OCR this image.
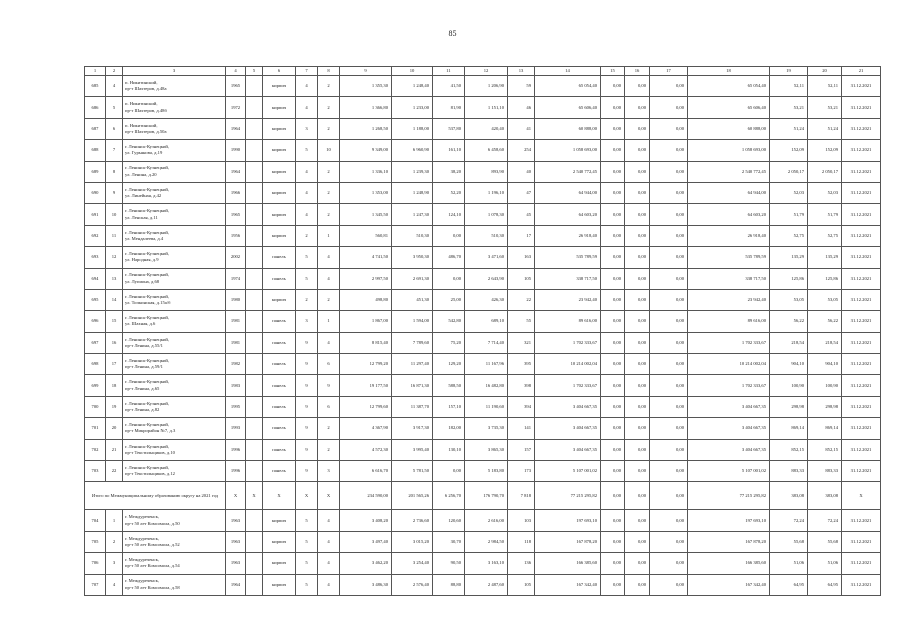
85
1	2	3	4	5	6	7	8	9	10	11	12	13	14	15	16	17	18	19	20	21
685	4	п. Никитинский,
пр-т Шахтеров, д.48а	1965		кирпич	4	2	1 355,30	1 248,40	41,50	1 206,90	59	65 054,40	0,00	0,00	0,00	65 054,40	52,11	52,11	31.12.2021
686	5	п. Никитинский,
пр-т Шахтеров, д.48б	1972		кирпич	4	2	1 366,80	1 233,00	81,90	1 151,10	46	65 606,40	0,00	0,00	0,00	65 606,40	53,21	53,21	31.12.2021
687	6	п. Никитинский,
пр-т Шахтеров, д.50а	1964		кирпич	3	2	1 268,50	1 188,00	537,80	420,40	41	60 888,00	0,00	0,00	0,00	60 888,00	51,24	51,24	31.12.2021
688	7	г. Ленинск-Кузнецкий,
ул. Гурьянова, д.19	1990		кирпич	5	10	9 349,00	6 960,90	161,10	6 458,60	254	1 058 693,00	0,00	0,00	0,00	1 058 693,00	152,09	152,09	31.12.2021
689	8	г. Ленинск-Кузнецкий,
ул. Ленина, д.20	1964		кирпич	4	2	1 336,10	1 239,30	38,20	893,90	40	2 540 772,45	0,00	0,00	0,00	2 540 772,45	2 050,17	2 050,17	31.12.2021
690	9	г. Ленинск-Кузнецкий,
ул. Линейная, д.42	1966		кирпич	4	2	1 353,00	1 248,90	52,20	1 196,10	47	64 944,00	0,00	0,00	0,00	64 944,00	52,03	52,03	31.12.2021
691	10	г. Ленинск-Кузнецкий,
ул. Ленская, д.11	1965		кирпич	4	2	1 345,50	1 247,30	124,10	1 078,30	45	64 603,20	0,00	0,00	0,00	64 603,20	51,79	51,79	31.12.2021
692	11	г. Ленинск-Кузнецкий,
ул. Мендалеева, д.4	1956		кирпич	2	1	560,81	510,30	0,00	510,30	17	26 918,40	0,00	0,00	0,00	26 918,40	52,75	52,75	31.12.2021
693	12	г. Ленинск-Кузнецкий,
ул. Народная, д.9	2002		панель	5	4	4 741,50	3 950,30	486,70	3 471,60	163	535 789,59	0,00	0,00	0,00	535 789,59	135,29	135,29	31.12.2021
694	13	г. Ленинск-Кузнецкий,
ул. Лупиона, д.68	1974		панель	5	4	2 997,50	2 691,30	0,00	2 643,90	105	338 717,50	0,00	0,00	0,00	338 717,50	125,86	125,86	31.12.2021
695	14	г. Ленинск-Кузнецкий,
ул. Топкинская, д.15а/б	1980		кирпич	2	2	498,80	451,30	25,00	426,30	22	23 942,40	0,00	0,00	0,00	23 942,40	53,05	53,05	31.12.2021
696	15	г. Ленинск-Кузнецкий,
ул. Шахная, д.6	1981		панель	3	1	1 867,00	1 594,00	542,80	689,10	55	89 616,00	0,00	0,00	0,00	89 616,00	56,22	56,22	31.12.2021
697	16	г. Ленинск-Кузнецкий,
пр-т Ленина, д.55/1	1981		панель	9	4	8 815,40	7 789,60	75,20	7 714,40	321	1 702 333,67	0,00	0,00	0,00	1 702 333,67	218,54	218,54	31.12.2021
698	17	г. Ленинск-Кузнецкий,
пр-т Ленина, д.59/1	1982		панель	9	6	12 799,20	11 297,40	129,20	11 167,96	395	10 214 002,04	0,00	0,00	0,00	10 214 002,04	904,10	904,10	31.12.2021
699	18	г. Ленинск-Кузнецкий,
пр-т Ленина, д.65	1983		панель	9	9	19 177,50	16 871,30	588,50	16 482,80	398	1 702 333,67	0,00	0,00	0,00	1 702 333,67	100,90	100,90	31.12.2021
700	19	г. Ленинск-Кузнецкий,
пр-т Ленина, д.82	1995		панель	9	6	12 799,60	11 387,70	157,10	11 190,60	394	3 404 667,35	0,00	0,00	0,00	3 404 667,35	298,98	298,98	31.12.2021
701	20	г. Ленинск-Кузнецкий,
пр-т Микрорайон №7, д.3	1993		панель	9	2	4 367,90	3 917,30	182,00	3 735,30	141	3 404 667,35	0,00	0,00	0,00	3 404 667,35	869,14	869,14	31.12.2021
702	21	г. Ленинск-Кузнецкий,
пр-т Текстильщиков, д.10	1996		панель	9	2	4 572,30	3 995,40	130,10	3 865,30	157	3 404 667,35	0,00	0,00	0,00	3 404 667,35	852,15	852,15	31.12.2021
703	22	г. Ленинск-Кузнецкий,
пр-т Текстильщиков, д.12	1996		панель	9	3	6 616,70	5 781,50	0,00	5 183,80	173	5 107 001,02	0,00	0,00	0,00	5 107 001,02	883,33	883,33	31.12.2021
Итого по Межмуниципальному образованию округу на 2021 год			X	X	X	X	X	234 590,00	201 565,26	6 256,70	176 790,70	7 818	77 215 295,82	0,00	0,00	0,00	77 215 295,82	383,08	383,08	X
704	1	г. Междуреченск,
пр-т 50 лет Комсомола, д.50	1963		кирпич	5	4	3 408,20	2 736,60	120,60	2 616,00	103	197 693,10	0,00	0,00	0,00	197 693,10	72,24	72,24	31.12.2021
705	2	г. Междуреченск,
пр-т 50 лет Комсомола, д.52	1963		кирпич	5	4	3 497,40	3 015,20	30,70	2 984,50	118	167 878,20	0,00	0,00	0,00	167 878,20	55,68	55,68	31.12.2021
706	3	г. Междуреченск,
пр-т 50 лет Комсомола, д.54	1963		кирпич	5	4	3 462,20	3 254,40	90,50	3 163,10	136	166 385,60	0,00	0,00	0,00	166 385,60	51,06	51,06	31.12.2021
707	4	г. Междуреченск,
пр-т 50 лет Комсомола, д.58	1964		кирпич	5	4	3 486,30	2 576,40	88,80	2 487,60	105	167 342,40	0,00	0,00	0,00	167 342,40	64,95	64,95	31.12.2021
